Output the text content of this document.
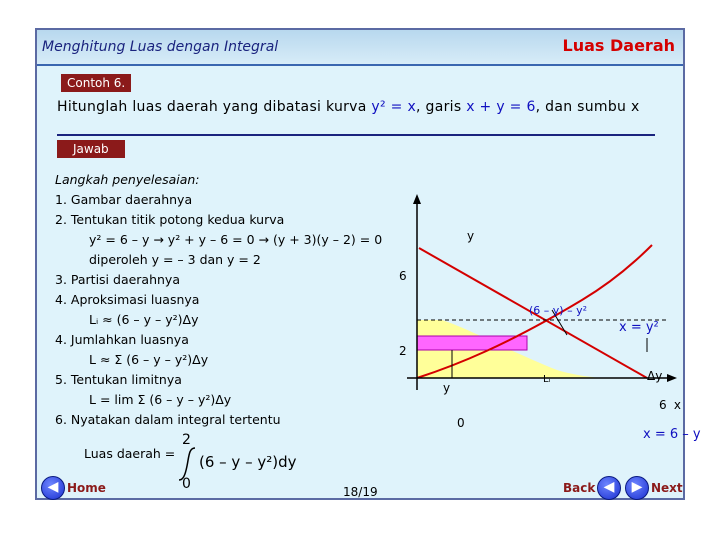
Menghitung Luas dengan Integral	Luas Daerah
Contoh 6.
Hitunglah luas daerah yang dibatasi kurva y² = x, garis x + y = 6, dan sumbu x
Jawab
Langkah penyelesaian:
1. Gambar daerahnya
2. Tentukan titik potong kedua kurva
y² = 6 – y → y² + y – 6 = 0 → (y + 3)(y – 2) = 0
diperoleh y = – 3 dan y = 2
3. Partisi daerahnya
4. Aproksimasi luasnya
Lᵢ ≈ (6 – y – y²)Δy
4. Jumlahkan luasnya
L ≈ Σ (6 – y – y²)Δy
5. Tentukan limitnya
L = lim Σ (6 – y – y²)Δy
6. Nyatakan dalam integral tertentu
Luas daerah =
2
0
(6 – y – y²)dy
y
6
2
0
6 x
y
Lᵢ	Δy
x = y²
x = 6 – y
(6 – y) – y²
◀ Home	18/19	Back ◀	▶ Next
